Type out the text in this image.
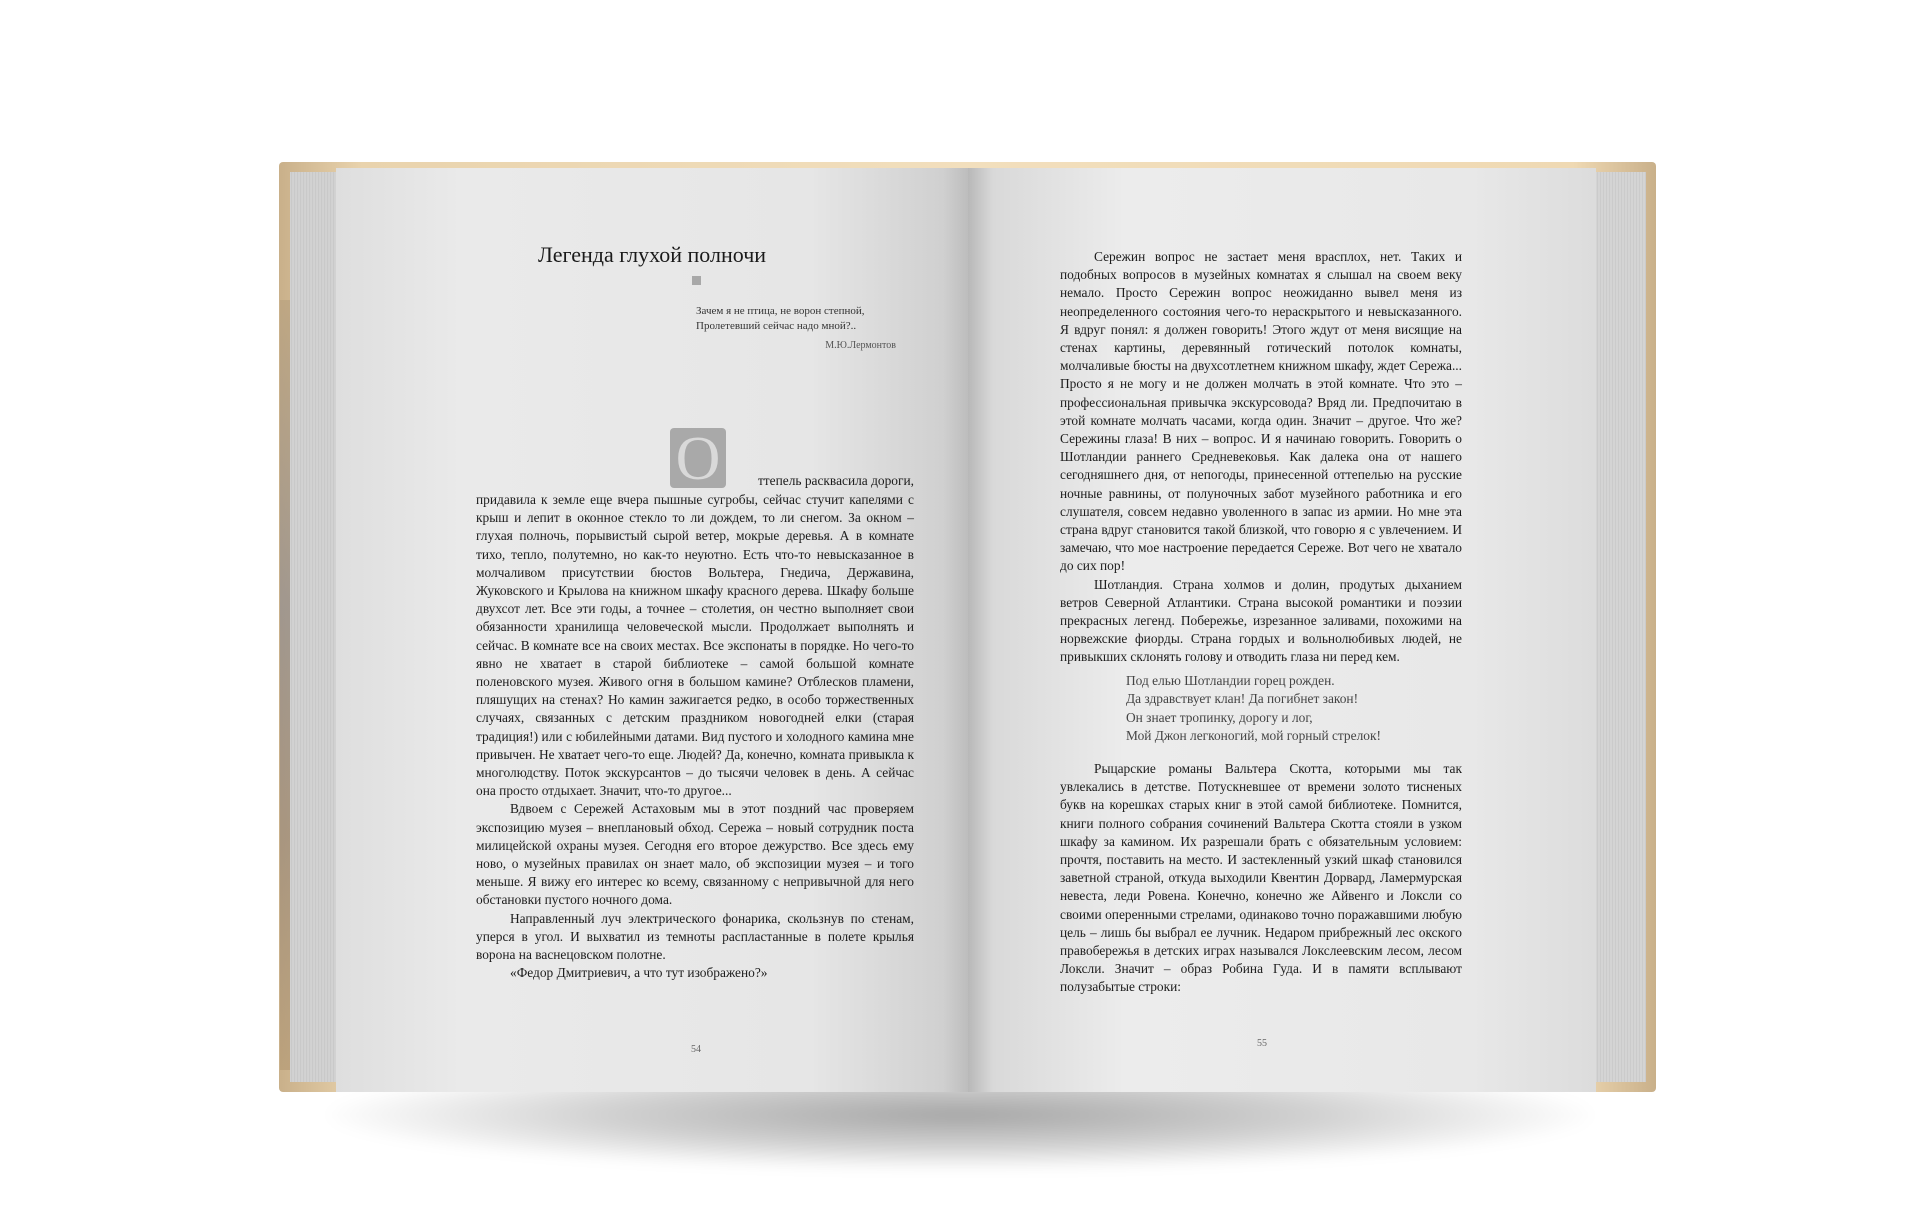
Легенда глухой полночи
Зачем я не птица, не ворон степной,
Пролетевший сейчас надо мной?..
М.Ю.Лермонтов
О	ттепель расквасила дороги,

придавила к земле еще вчера пышные сугробы, сейчас стучит капелями с крыш и лепит в оконное стекло то ли дождем, то ли снегом. За окном – глухая полночь, порывистый сырой ветер, мокрые деревья. А в комнате тихо, тепло, полутемно, но как-то неуютно. Есть что-то невысказанное в молчаливом присутствии бюстов Вольтера, Гнедича, Державина, Жуковского и Крылова на книжном шкафу красного дерева. Шкафу больше двухсот лет. Все эти годы, а точнее – столетия, он честно выполняет свои обязанности хранилища человеческой мысли. Продолжает выполнять и сейчас. В комнате все на своих местах. Все экспонаты в порядке. Но чего-то явно не хватает в старой библиотеке – самой большой комнате поленовского музея. Живого огня в большом камине? Отблесков пламени, пляшущих на стенах? Но камин зажигается редко, в особо торжественных случаях, связанных с детским праздником новогодней елки (старая традиция!) или с юбилейными датами. Вид пустого и холодного камина мне привычен. Не хватает чего-то еще. Людей? Да, конечно, комната привыкла к многолюдству. Поток экскурсантов – до тысячи человек в день. А сейчас она просто отдыхает. Значит, что-то другое...

Вдвоем с Сережей Астаховым мы в этот поздний час проверяем экспозицию музея – внеплановый обход. Сережа – новый сотрудник поста милицейской охраны музея. Сегодня его второе дежурство. Все здесь ему ново, о музейных правилах он знает мало, об экспозиции музея – и того меньше. Я вижу его интерес ко всему, связанному с непривычной для него обстановки пустого ночного дома.

Направленный луч электрического фонарика, скользнув по стенам, уперся в угол. И выхватил из темноты распластанные в полете крылья ворона на васнецовском полотне.

«Федор Дмитриевич, а что тут изображено?»

54

Сережин вопрос не застает меня врасплох, нет. Таких и подобных вопросов в музейных комнатах я слышал на своем веку немало. Просто Сережин вопрос неожиданно вывел меня из неопределенного состояния чего-то нераскрытого и невысказанного. Я вдруг понял: я должен говорить! Этого ждут от меня висящие на стенах картины, деревянный готический потолок комнаты, молчаливые бюсты на двухсотлетнем книжном шкафу, ждет Сережа... Просто я не могу и не должен молчать в этой комнате. Что это – профессиональная привычка экскурсовода? Вряд ли. Предпочитаю в этой комнате молчать часами, когда один. Значит – другое. Что же? Сережины глаза! В них – вопрос. И я начинаю говорить. Говорить о Шотландии раннего Средневековья. Как далека она от нашего сегодняшнего дня, от непогоды, принесенной оттепелью на русские ночные равнины, от полуночных забот музейного работника и его слушателя, совсем недавно уволенного в запас из армии. Но мне эта страна вдруг становится такой близкой, что говорю я с увлечением. И замечаю, что мое настроение передается Сереже. Вот чего не хватало до сих пор!

Шотландия. Страна холмов и долин, продутых дыханием ветров Северной Атлантики. Страна высокой романтики и поэзии прекрасных легенд. Побережье, изрезанное заливами, похожими на норвежские фиорды. Страна гордых и вольнолюбивых людей, не привыкших склонять голову и отводить глаза ни перед кем.

Под елью Шотландии горец рожден.
Да здравствует клан! Да погибнет закон!
Он знает тропинку, дорогу и лог,
Мой Джон легконогий, мой горный стрелок!

Рыцарские романы Вальтера Скотта, которыми мы так увлекались в детстве. Потускневшее от времени золото тисненых букв на корешках старых книг в этой самой библиотеке. Помнится, книги полного собрания сочинений Вальтера Скотта стояли в узком шкафу за камином. Их разрешали брать с обязательным условием: прочтя, поставить на место. И застекленный узкий шкаф становился заветной страной, откуда выходили Квентин Дорвард, Ламермурская невеста, леди Ровена. Конечно, конечно же Айвенго и Локсли со своими оперенными стрелами, одинаково точно поражавшими любую цель – лишь бы выбрал ее лучник. Недаром прибрежный лес окского правобережья в детских играх назывался Локслеевским лесом, лесом Локсли. Значит – образ Робина Гуда. И в памяти всплывают полузабытые строки:

55
